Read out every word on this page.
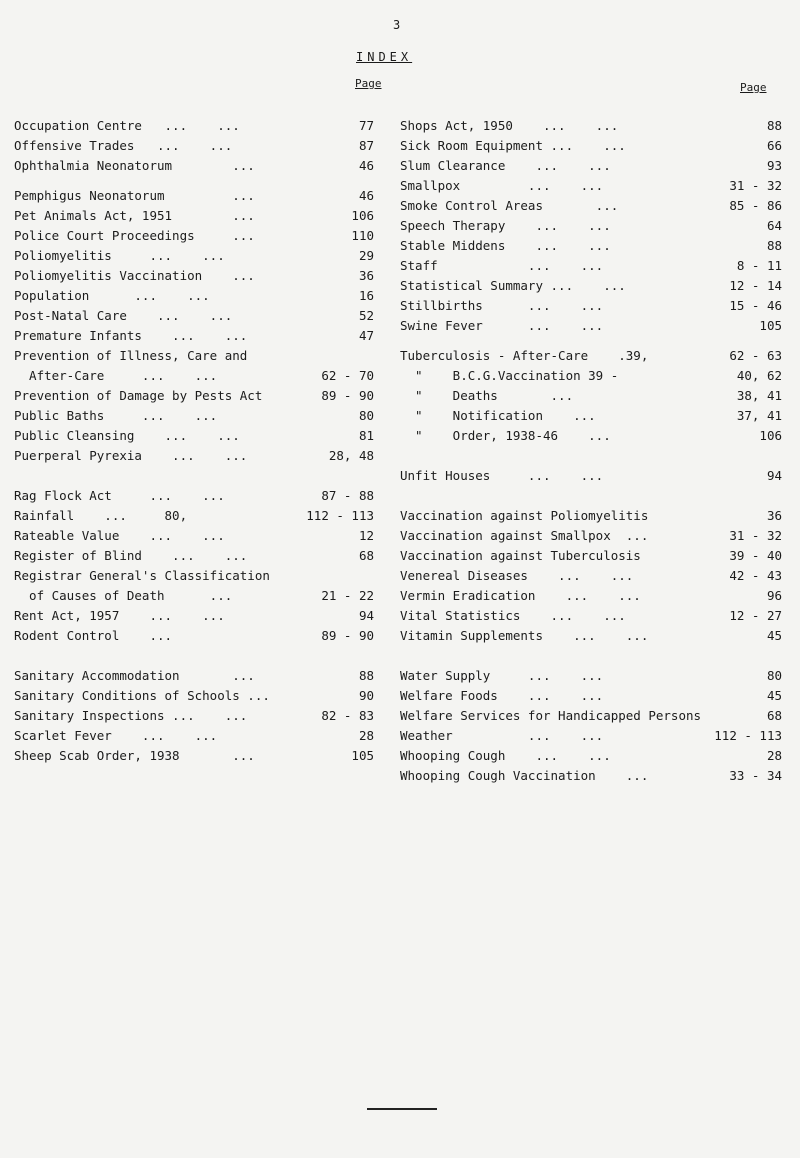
3
INDEX
Page	Page
Occupation Centre   ...    ...	77
Offensive Trades   ...    ...	87
Ophthalmia Neonatorum        ...	46
Pemphigus Neonatorum         ...	46
Pet Animals Act, 1951        ...	106
Police Court Proceedings     ...	110
Poliomyelitis     ...    ...	29
Poliomyelitis Vaccination    ...	36
Population      ...    ...	16
Post-Natal Care    ...    ...	52
Premature Infants    ...    ...	47
Prevention of Illness, Care and
After-Care     ...    ...	62 - 70
Prevention of Damage by Pests Act	89 - 90
Public Baths     ...    ...	80
Public Cleansing    ...    ...	81
Puerperal Pyrexia    ...    ...	28, 48
Rag Flock Act     ...    ...	87 - 88
Rainfall    ...     80,	112 - 113
Rateable Value    ...    ...	12
Register of Blind    ...    ...	68
Registrar General's Classification
of Causes of Death      ...	21 - 22
Rent Act, 1957    ...    ...	94
Rodent Control    ...	89 - 90
Sanitary Accommodation       ...	88
Sanitary Conditions of Schools ...	90
Sanitary Inspections ...    ...	82 - 83
Scarlet Fever    ...    ...	28
Sheep Scab Order, 1938       ...	105
Shops Act, 1950    ...    ...	88
Sick Room Equipment ...    ...	66
Slum Clearance    ...    ...	93
Smallpox         ...    ...	31 - 32
Smoke Control Areas       ...	85 - 86
Speech Therapy    ...    ...	64
Stable Middens    ...    ...	88
Staff            ...    ...	8 - 11
Statistical Summary ...    ...	12 - 14
Stillbirths      ...    ...	15 - 46
Swine Fever      ...    ...	105
Tuberculosis - After-Care    .39,	62 - 63
"    B.C.G.Vaccination 39 -	40, 62
"    Deaths       ...	38, 41
"    Notification    ...	37, 41
"    Order, 1938-46    ...	106
Unfit Houses     ...    ...	94
Vaccination against Poliomyelitis	36
Vaccination against Smallpox  ...	31 - 32
Vaccination against Tuberculosis	39 - 40
Venereal Diseases    ...    ...	42 - 43
Vermin Eradication    ...    ...	96
Vital Statistics    ...    ...	12 - 27
Vitamin Supplements    ...    ...	45
Water Supply     ...    ...	80
Welfare Foods    ...    ...	45
Welfare Services for Handicapped Persons	68
Weather          ...    ...	112 - 113
Whooping Cough    ...    ...	28
Whooping Cough Vaccination    ...	33 - 34
